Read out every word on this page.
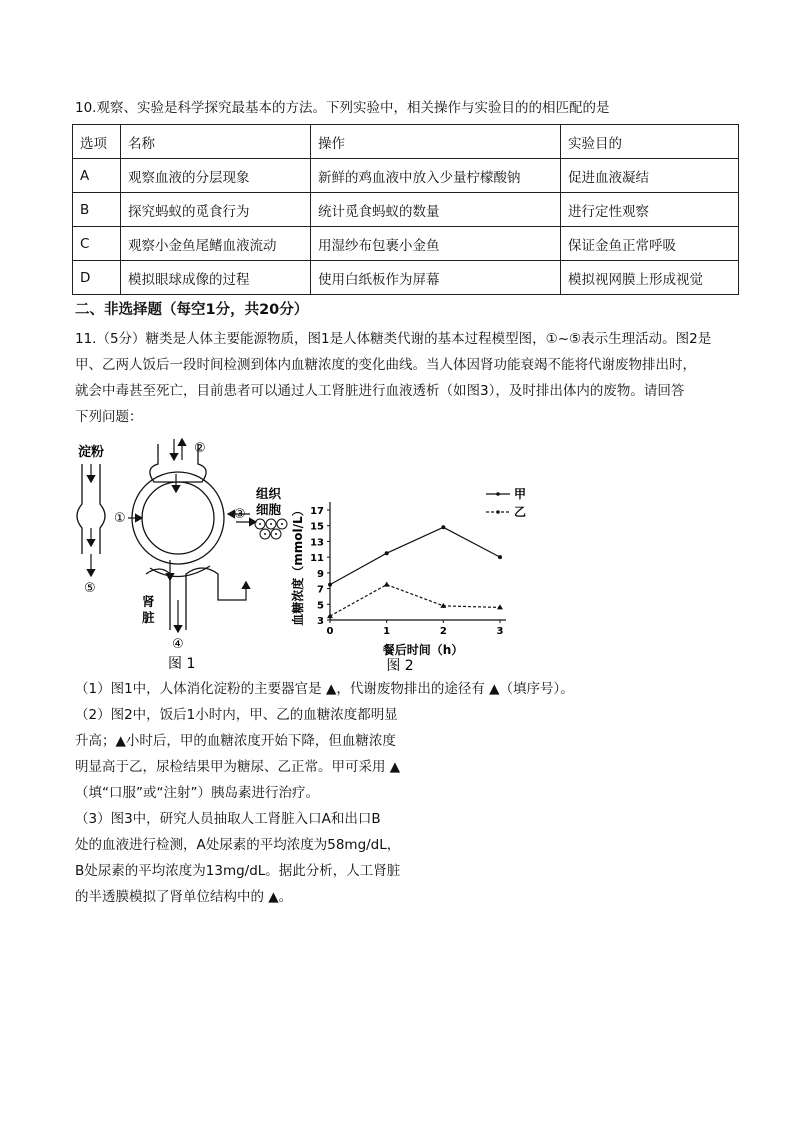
10.观察、实验是科学探究最基本的方法。下列实验中，相关操作与实验目的的相匹配的是
选项	名称	操作	实验目的
A	观察血液的分层现象	新鲜的鸡血液中放入少量柠檬酸钠	促进血液凝结
B	探究蚂蚁的觅食行为	统计觅食蚂蚁的数量	进行定性观察
C	观察小金鱼尾鳍血液流动	用湿纱布包裹小金鱼	保证金鱼正常呼吸
D	模拟眼球成像的过程	使用白纸板作为屏幕	模拟视网膜上形成视觉
二、非选择题（每空1分，共20分）
11.（5分）糖类是人体主要能源物质，图1是人体糖类代谢的基本过程模型图，①~⑤表示生理活动。图2是
甲、乙两人饭后一段时间检测到体内血糖浓度的变化曲线。当人体因肾功能衰竭不能将代谢废物排出时，
就会中毒甚至死亡，目前患者可以通过人工肾脏进行血液透析（如图3），及时排出体内的废物。请回答
下列问题：
淀粉
⑤
①
②
③
组织
细胞
肾
脏
④
图 1
3
5
7
9
11
13
15
17
0	1	2	3
餐后时间（h）
血糖浓度（mmol/L）
甲
乙
图 2
（1）图1中，人体消化淀粉的主要器官是 ▲，代谢废物排出的途径有 ▲（填序号）。
（2）图2中，饭后1小时内，甲、乙的血糖浓度都明显
升高；▲小时后，甲的血糖浓度开始下降，但血糖浓度
明显高于乙，尿检结果甲为糖尿、乙正常。甲可采用 ▲
（填“口服”或“注射”）胰岛素进行治疗。
（3）图3中，研究人员抽取人工肾脏入口A和出口B
处的血液进行检测，A处尿素的平均浓度为58mg/dL，
B处尿素的平均浓度为13mg/dL。据此分析，人工肾脏
的半透膜模拟了肾单位结构中的 ▲。
